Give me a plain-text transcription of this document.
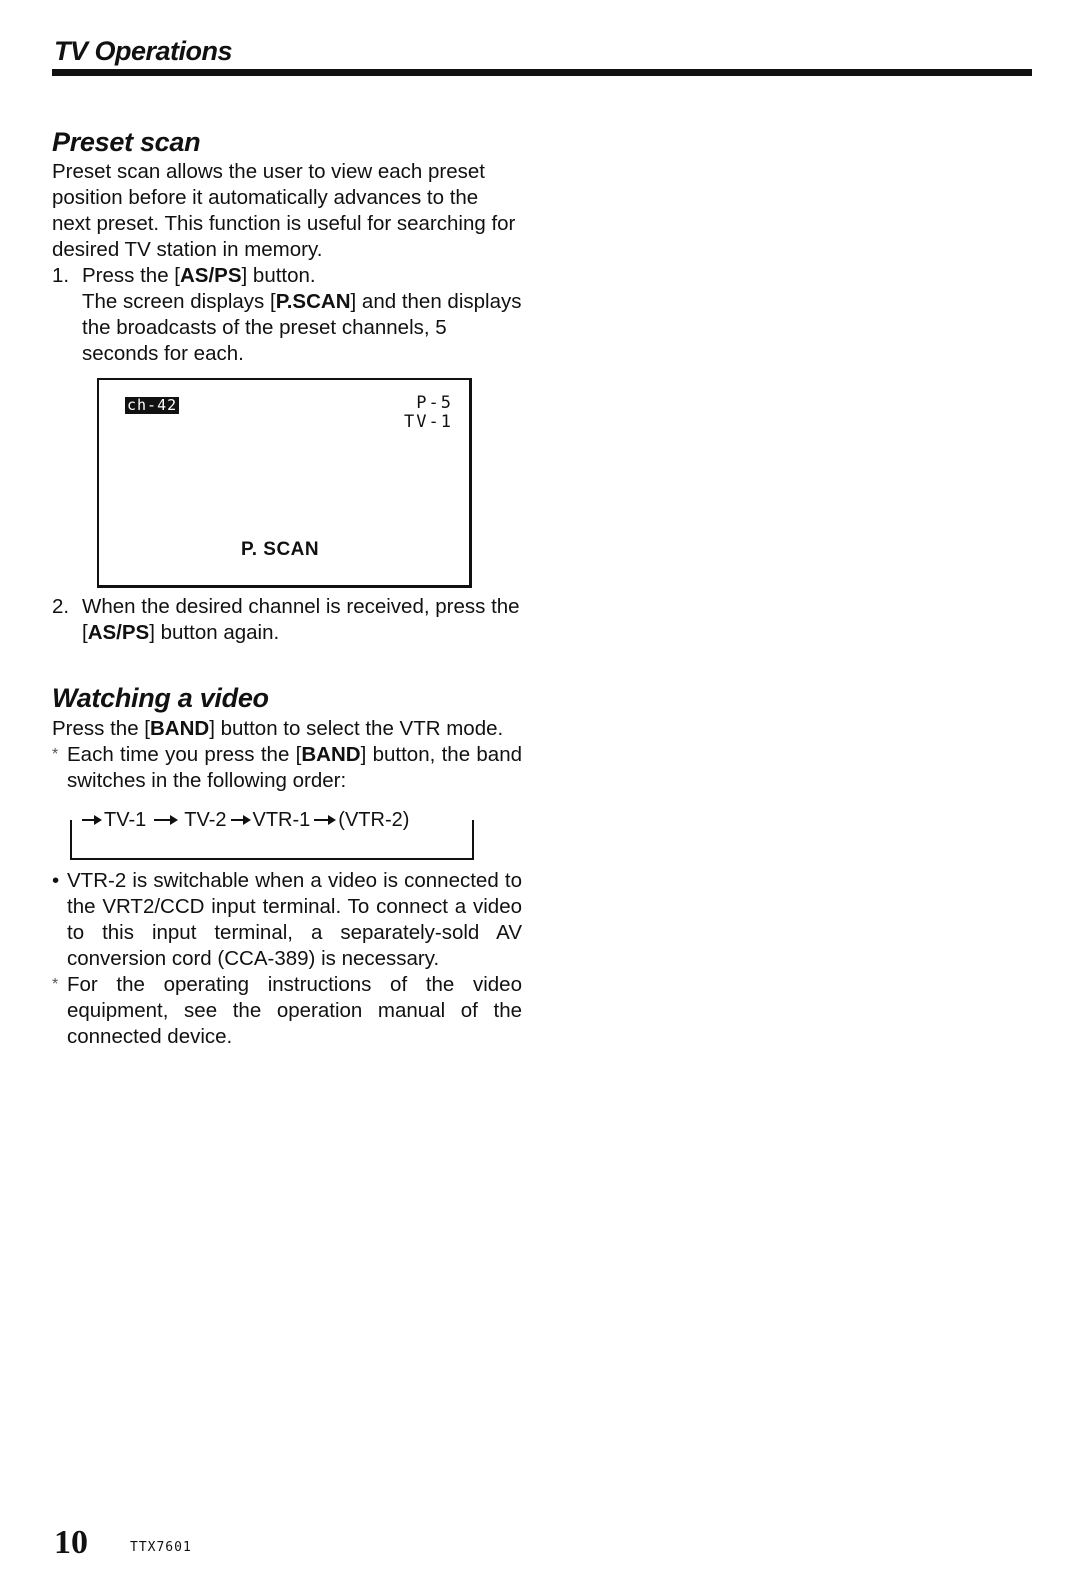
TV Operations
Preset scan

Preset scan allows the user to view each preset position before it automatically advances to the next preset. This function is useful for searching for desired TV station in memory.

1. Press the [AS/PS] button.

The screen displays [P.SCAN] and then displays the broadcasts of the preset channels, 5 seconds for each.

ch-42	P-5
TV-1
P. SCAN
2. When the desired channel is received, press the [AS/PS] button again.
Watching a video

Press the [BAND] button to select the VTR mode.

* Each time you press the [BAND] button, the band switches in the following order:
TV-1 TV-2 VTR-1 (VTR-2)
• VTR-2 is switchable when a video is connected to the VRT2/CCD input terminal. To connect a video to this input terminal, a separately-sold AV conversion cord (CCA-389) is necessary.
* For the operating instructions of the video equipment, see the operation manual of the connected device.
10	TTX7601
